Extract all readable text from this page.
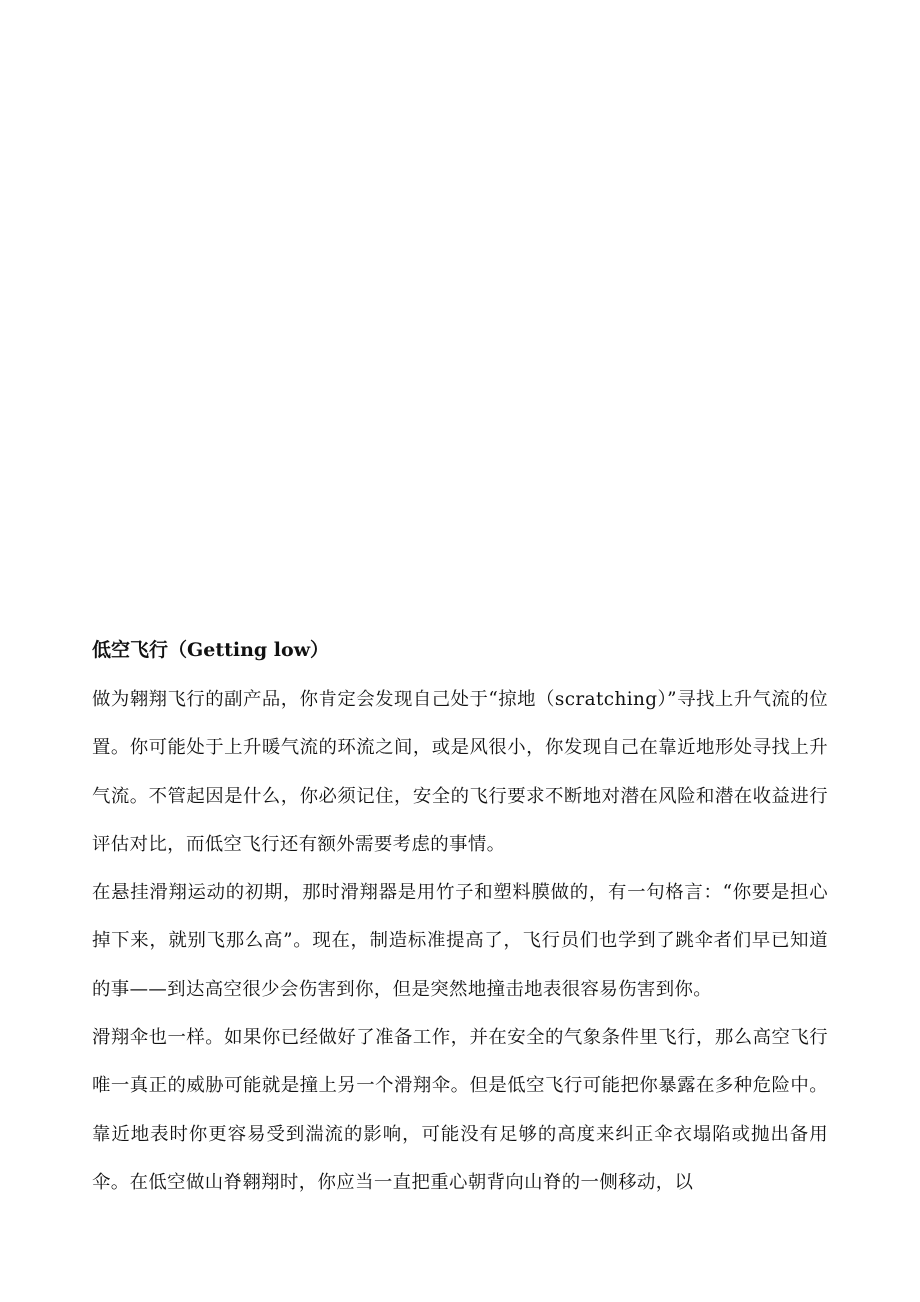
低空飞行（Getting low）

做为翱翔飞行的副产品，你肯定会发现自己处于“掠地（scratching）”寻找上升气流的位置。你可能处于上升暖气流的环流之间，或是风很小，你发现自己在靠近地形处寻找上升气流。不管起因是什么，你必须记住，安全的飞行要求不断地对潜在风险和潜在收益进行评估对比，而低空飞行还有额外需要考虑的事情。

在悬挂滑翔运动的初期，那时滑翔器是用竹子和塑料膜做的，有一句格言：“你要是担心掉下来，就别飞那么高”。现在，制造标准提高了，飞行员们也学到了跳伞者们早已知道的事——到达高空很少会伤害到你，但是突然地撞击地表很容易伤害到你。

滑翔伞也一样。如果你已经做好了准备工作，并在安全的气象条件里飞行，那么高空飞行唯一真正的威胁可能就是撞上另一个滑翔伞。但是低空飞行可能把你暴露在多种危险中。靠近地表时你更容易受到湍流的影响，可能没有足够的高度来纠正伞衣塌陷或抛出备用伞。在低空做山脊翱翔时，你应当一直把重心朝背向山脊的一侧移动，以
